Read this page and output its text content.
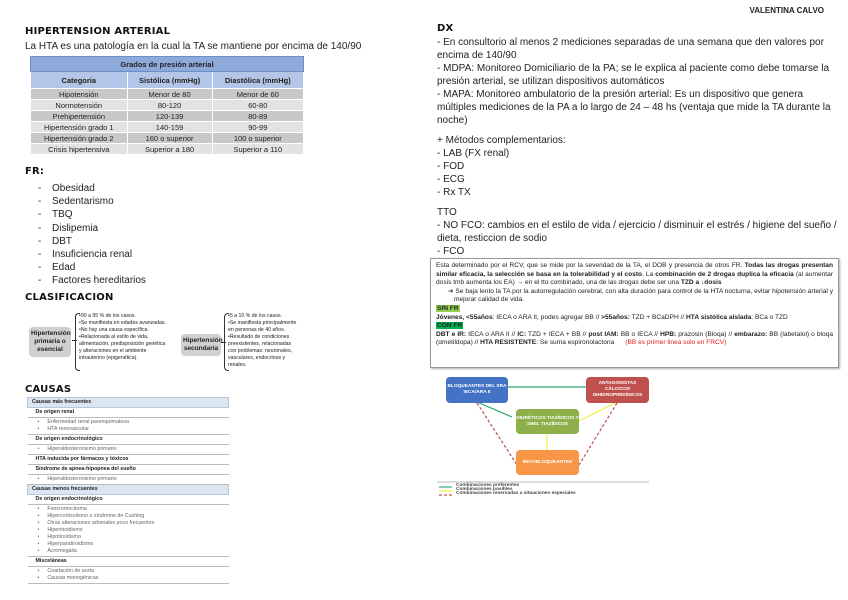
VALENTINA CALVO
HIPERTENSION ARTERIAL
La HTA es una patología en la cual la TA se mantiene por encima de 140/90
Grados de presión arterial		
Categoria	Sistólica (mmHg)	Diastólica (mmHg)
Hipotensión	Menor de 80	Menor de 60
Normotensión	80-120	60-80
Prehipertensión	120-139	80-89
Hipertensión grado 1	140-159	90-99
Hipertensión grado 2	160 o superior	100 o superior
Crisis hipertensiva	Superior a 180	Superior a 110
FR:
- Obesidad
- Sedentarismo
- TBQ
- Dislipemia
- DBT
- Insuficiencia renal
- Edad
- Factores hereditarios
CLASIFICACION
Hipertensión primaria o esencial
•90 a 95 % de los casos.
•Se manifiesta en edades avanzadas.
•No hay una causa específica.
•Relacionada al estilo de vida, alimentación, predisposición genética y alteraciones en el ambiente intrauterino (epigenética).
Hipertensión secundaria
•5 a 10 % de los casos.
•Se manifiesta principalmente en personas de 40 años.
•Resultado de condiciones preexistentes, relacionadas con problemas: neuronales, vasculares, endocrinos y renales.
CAUSAS
Causas más frecuentes
De origen renal

• Enfermedad renal parenquimatosa
• HTA renovascular

De origen endocrinológico

• Hiperaldosteronismo primario

HTA inducida por fármacos y tóxicos
Síndrome de apnea-hipopnea del sueño

• Hiperaldosteronismo primario

Causas menos frecuentes
De origen endocrinológico

• Feocromocitoma
• Hipercortisolismo o síndrome de Cushing
• Otras alteraciones adrenales poco frecuentes
• Hipertiroidismo
• Hipotiroidismo
• Hiperparatiroidismo
• Acromegalia

Misceláneas

• Coartación de aorta
• Causas monogénicas
DX
- En consultorio al menos 2 mediciones separadas de una semana que den valores por encima de 140/90
- MDPA: Monitoreo Domiciliario de la PA; se le explica al paciente como debe tomarse la presión arterial, se utilizan dispositivos automáticos
- MAPA: Monitoreo ambulatorio de la presión arterial: Es un dispositivo que genera múltiples mediciones de la PA a lo largo de 24 – 48 hs (ventaja que mide la TA durante la noche)
+ Métodos complementarios:
- LAB (FX renal)
- FOD
- ECG
- Rx TX
TTO
- NO FCO: cambios en el estilo de vida / ejercicio / disminuir el estrés / higiene del sueño / dieta, resticcion de sodio
- FCO
Esta determinado por el RCV, que se mide por la severidad de la TA, el DOB y presencia de otros FR. Todas las drogas presentan similar eficacia, la selección se basa en la tolerabilidad y el costo. La combinación de 2 drogas duplica la eficacia (al aumentar dosis tmb aumenta los EA) → en el tto combinado, una de las drogas debe ser una TZD a ↓dosis
➔ Se baja lento la TA por la autorregulación cerebral, con alta duración para control de la HTA nocturna, evitar hipotensión arterial y mejorar calidad de vida.
SIN FR
Jóvenes, <55años: IECA o ARA II, podes agregar BB // >55años: TZD + BCaDPH // HTA sistólica aislada: BCa o TZD
CON FR
DBT e IR: IECA o ARA II // IC: TZD + IECA + BB // post IAM: BB o IECA // HPB: prazosin (Bloqa) // embarazo: BB (labetalol) o bloqa (αmetildopa) // HTA RESISTENTE: Se suma espironolactona (BB es primer linea solo en FRCV)
BLOQUEANTES DEL SRA IECA/ARA II
ANTAGONISTAS CÁLCICOS DIHIDROPIRIDÍNICOS
DIURÉTICOS TIAZÍDICOS Y SIMIL TIAZÍDICOS
BETABLOQUEANTES
Combinaciones preferentes
Combinaciones posibles
Combinaciones reservadas a situaciones especiales
